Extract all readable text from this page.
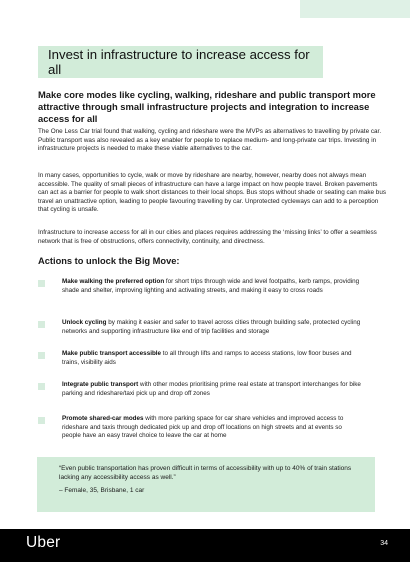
Invest in infrastructure to increase access for all
Make core modes like cycling, walking, rideshare and public transport more attractive through small infrastructure projects and integration to increase access for all
The One Less Car trial found that walking, cycling and rideshare were the MVPs as alternatives to travelling by private car. Public transport was also revealed as a key enabler for people to replace medium- and long-private car trips. Investing in infrastructure projects is needed to make these viable alternatives to the car.
In many cases, opportunities to cycle, walk or move by rideshare are nearby, however, nearby does not always mean accessible. The quality of small pieces of infrastructure can have a large impact on how people travel. Broken pavements can act as a barrier for people to walk short distances to their local shops. Bus stops without shade or seating can make bus travel an unattractive option, leading to people favouring travelling by car. Unprotected cycleways can add to a perception that cycling is unsafe.
Infrastructure to increase access for all in our cities and places requires addressing the ‘missing links’ to offer a seamless network that is free of obstructions, offers connectivity, continuity, and directness.
Actions to unlock the Big Move:
Make walking the preferred option for short trips through wide and level footpaths, kerb ramps, providing shade and shelter, improving lighting and activating streets, and making it easy to cross roads
Unlock cycling by making it easier and safer to travel across cities through building safe, protected cycling networks and supporting infrastructure like end of trip facilities and storage
Make public transport accessible to all through lifts and ramps to access stations, low floor buses and trains, visibility aids
Integrate public transport with other modes prioritising prime real estate at transport interchanges for bike parking and rideshare/taxi pick up and drop off zones
Promote shared-car modes with more parking space for car share vehicles and improved access to rideshare and taxis through dedicated pick up and drop off locations on high streets and at events so people have an easy travel choice to leave the car at home
“Even public transportation has proven difficult in terms of accessibility with up to 40% of train stations lacking any accessibility access as well.”
– Female, 35, Brisbane, 1 car
Uber	34
